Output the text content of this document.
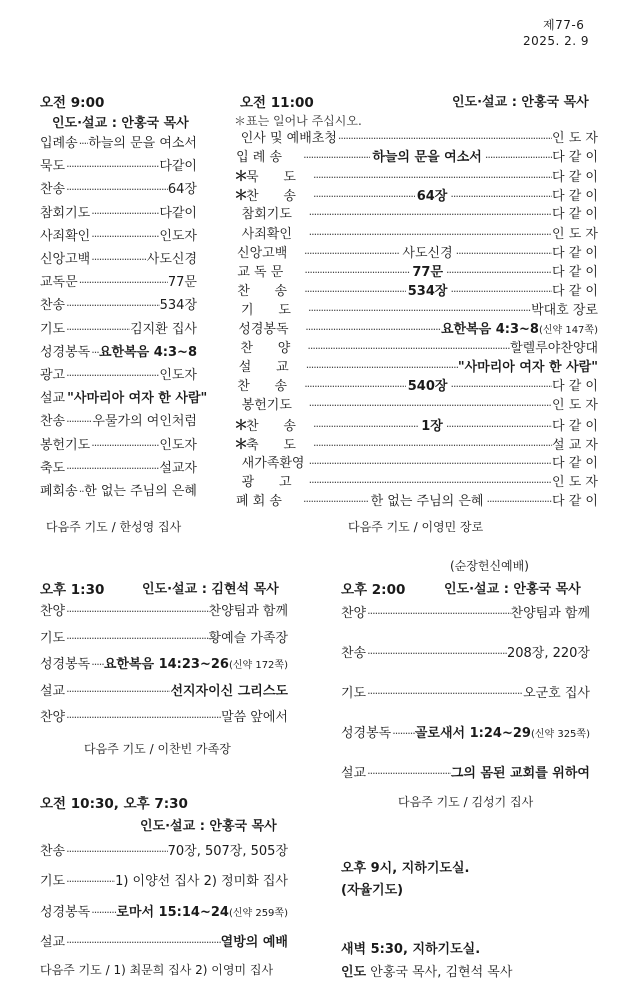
제77-6
2025. 2. 9
오전 9:00
인도·설교 : 안홍국 목사
입례송 ····· 하늘의 문을 여소서
묵도 ·····	다같이
찬송 ·····	64장
참회기도 ·····	다같이
사죄확인 ·····	인도자
신앙고백 ·····	사도신경
교독문 ·····	77문
찬송 ·····	534장
기도 ·····	김지환 집사
성경봉독 ····· 요한복음 4:3~8
광고 ·····	인도자
설교 ····· "사마리아 여자 한 사람"
찬송 ····· 우물가의 여인처럼
봉헌기도 ·····	인도자
축도 ·····	설교자
폐회송 ····· 한 없는 주님의 은혜
다음주 기도 / 한성영 집사
오전 11:00	인도·설교 : 안홍국 목사
＊표는 일어나 주십시오.
인사 및 예배초청 ·····	인 도 자
입 례 송 ·····	하늘의 문을 여소서 ·····	다 같 이
＊
묵      도 ·····	다 같 이
＊
찬      송 ·····	64장 ·····	다 같 이
참회기도 ·····	다 같 이
사죄확인 ·····	인 도 자
신앙고백 ·····	사도신경 ·····	다 같 이
교 독 문 ·····	77문 ·····	다 같 이
찬      송 ·····	534장 ·····	다 같 이
기      도 ·····	박대호 장로
성경봉독 ·····	요한복음 4:3~8 (신약 147쪽)
찬      양 ·····	할렐루야찬양대
설      교 ·····	"사마리아 여자 한 사람"
찬      송 ·····	540장 ·····	다 같 이
봉헌기도 ·····	인 도 자
＊
찬      송 ·····	1장 ·····	다 같 이
＊
축      도 ·····	설 교 자
새가족환영 ·····	다 같 이
광      고 ·····	인 도 자
폐 회 송 ·····	한 없는 주님의 은혜 ·····	다 같 이
다음주 기도 / 이영민 장로
오후 1:30	인도·설교 : 김현석 목사
찬양 ·····	찬양팀과 함께
기도 ·····	황예슬 가족장
성경봉독 ····· 요한복음 14:23~26 (신약 172쪽)
설교 ·····	선지자이신 그리스도
찬양 ·····	말씀 앞에서
다음주 기도 / 이찬빈 가족장
(순장헌신예배)
오후 2:00	인도·설교 : 안홍국 목사
찬양 ·····	찬양팀과 함께
찬송 ·····	208장, 220장
기도 ·····	오군호 집사
성경봉독 ····· 골로새서 1:24~29 (신약 325쪽)
설교 ·····	그의 몸된 교회를 위하여
다음주 기도 / 김성기 집사
오전 10:30, 오후 7:30
인도·설교 : 안홍국 목사
찬송 ·····	70장, 507장, 505장
기도 ·····	1) 이양선 집사 2) 정미화 집사
성경봉독 ····· 로마서 15:14~24 (신약 259쪽)
설교 ·····	열방의 예배
다음주 기도 / 1) 최문희 집사 2) 이영미 집사
오후 9시, 지하기도실.
(자율기도)
새벽 5:30, 지하기도실.
인도 안홍국 목사, 김현석 목사
